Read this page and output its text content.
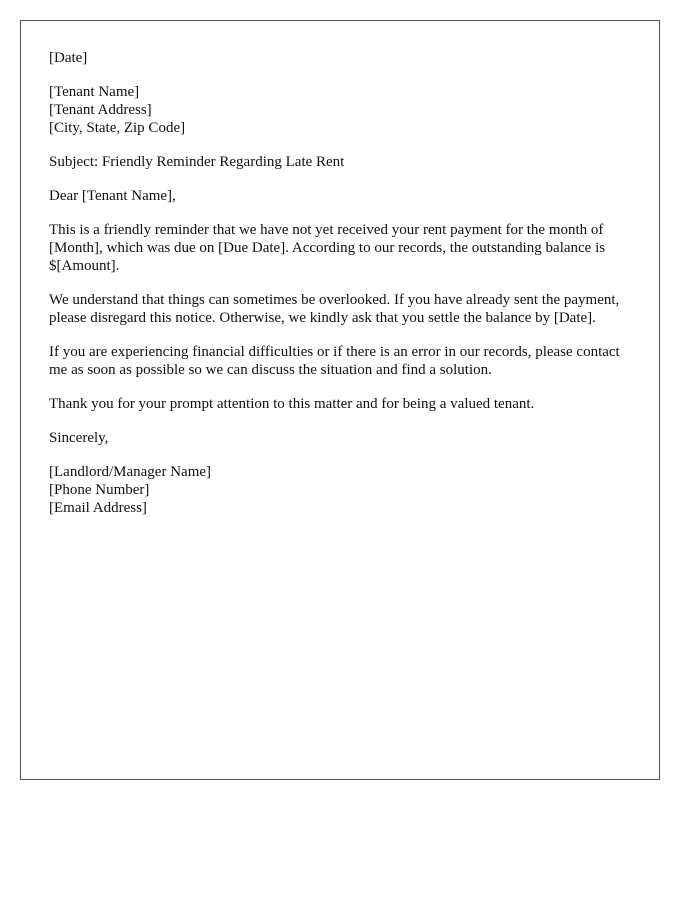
[Date]
[Tenant Name]
[Tenant Address]
[City, State, Zip Code]
Subject: Friendly Reminder Regarding Late Rent
Dear [Tenant Name],

This is a friendly reminder that we have not yet received your rent payment for the month of [Month], which was due on [Due Date]. According to our records, the outstanding balance is $[Amount].

We understand that things can sometimes be overlooked. If you have already sent the payment, please disregard this notice. Otherwise, we kindly ask that you settle the balance by [Date].

If you are experiencing financial difficulties or if there is an error in our records, please contact me as soon as possible so we can discuss the situation and find a solution.

Thank you for your prompt attention to this matter and for being a valued tenant.

Sincerely,
[Landlord/Manager Name]
[Phone Number]
[Email Address]
